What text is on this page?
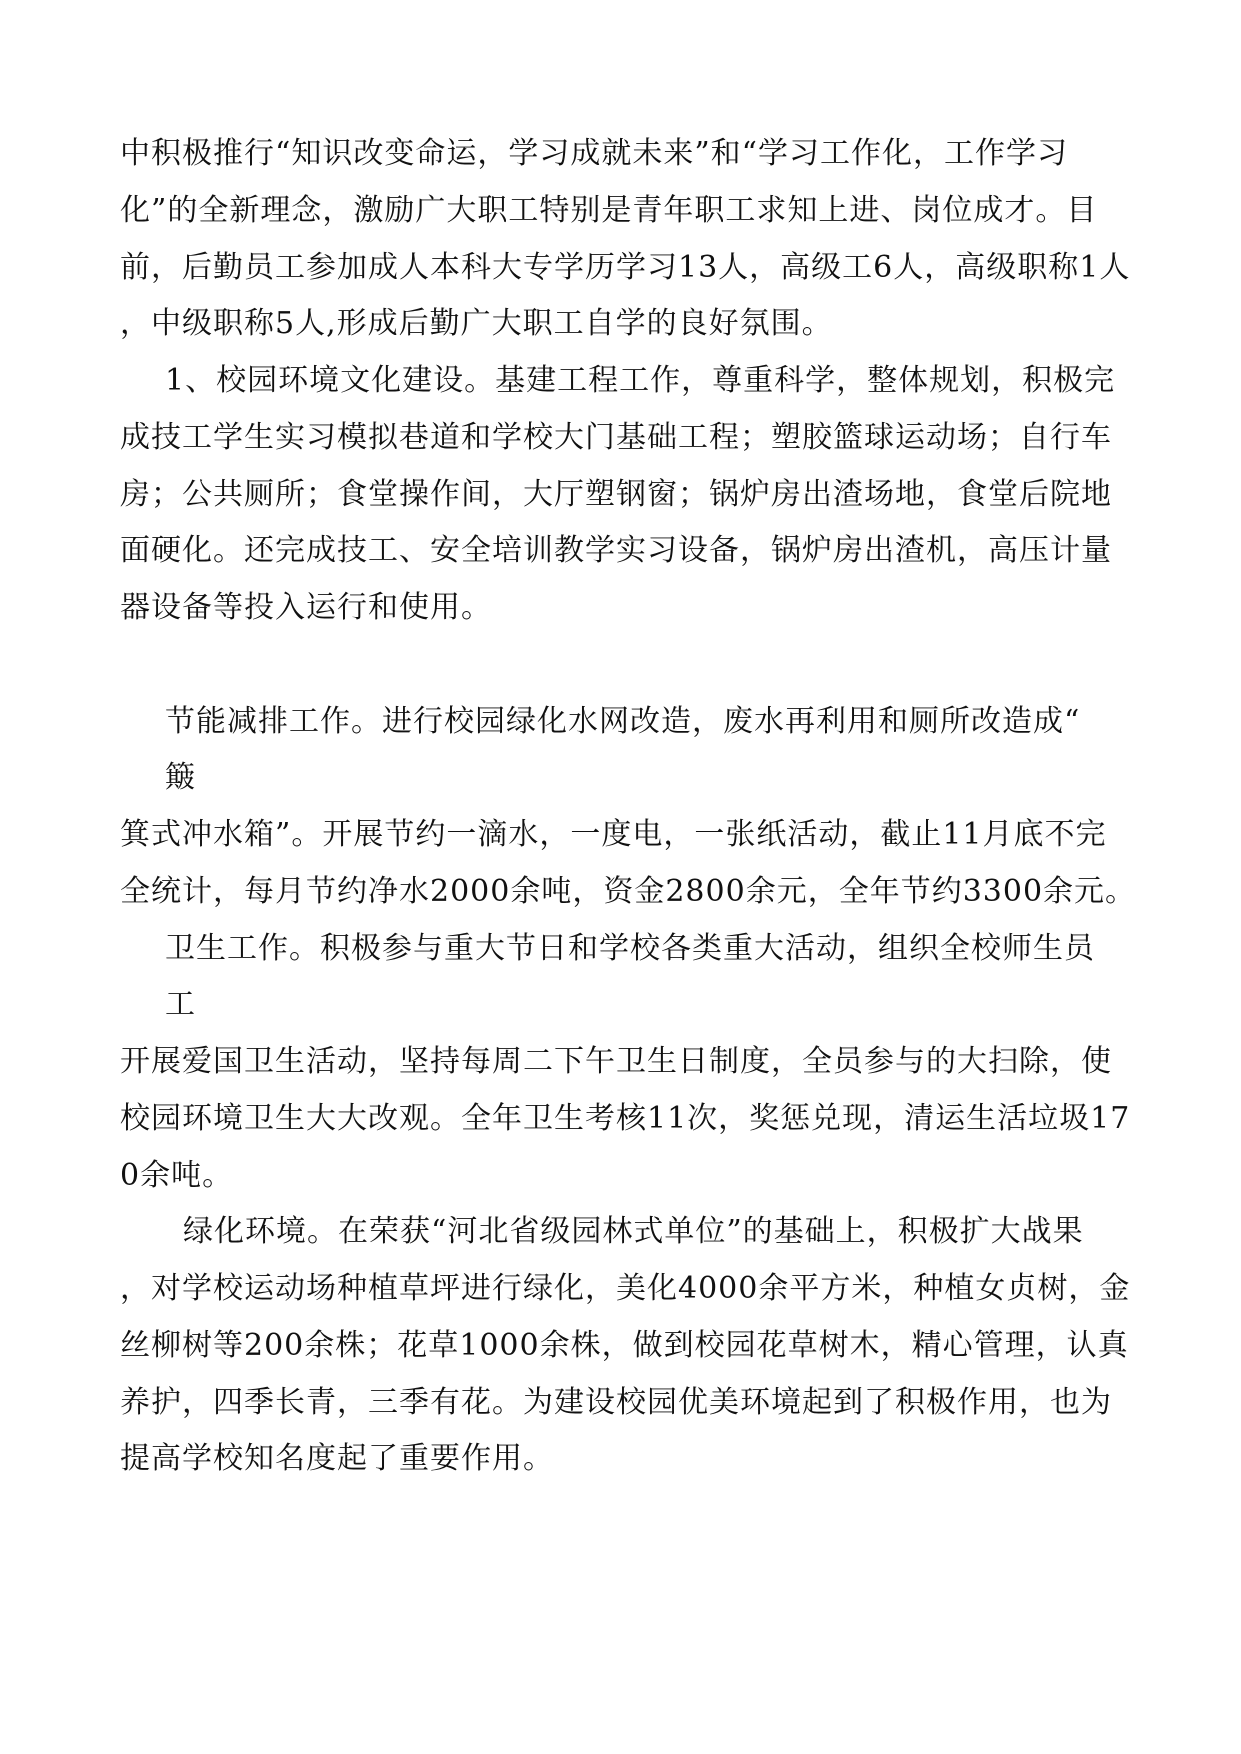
中积极推行“知识改变命运，学习成就未来”和“学习工作化，工作学习
化”的全新理念，激励广大职工特别是青年职工求知上进、岗位成才。目
前，后勤员工参加成人本科大专学历学习13人，高级工6人，高级职称1人
，中级职称5人,形成后勤广大职工自学的良好氛围。
1、校园环境文化建设。基建工程工作，尊重科学，整体规划，积极完
成技工学生实习模拟巷道和学校大门基础工程；塑胶篮球运动场；自行车
房；公共厕所；食堂操作间，大厅塑钢窗；锅炉房出渣场地，食堂后院地
面硬化。还完成技工、安全培训教学实习设备，锅炉房出渣机，高压计量
器设备等投入运行和使用。
节能减排工作。进行校园绿化水网改造，废水再利用和厕所改造成“
簸
箕式冲水箱”。开展节约一滴水，一度电，一张纸活动，截止11月底不完
全统计，每月节约净水2000余吨，资金2800余元，全年节约3300余元。
卫生工作。积极参与重大节日和学校各类重大活动，组织全校师生员
工
开展爱国卫生活动，坚持每周二下午卫生日制度，全员参与的大扫除，使
校园环境卫生大大改观。全年卫生考核11次，奖惩兑现，清运生活垃圾17
0余吨。
绿化环境。在荣获“河北省级园林式单位”的基础上，积极扩大战果
，对学校运动场种植草坪进行绿化，美化4000余平方米，种植女贞树，金
丝柳树等200余株；花草1000余株，做到校园花草树木，精心管理，认真
养护，四季长青，三季有花。为建设校园优美环境起到了积极作用，也为
提高学校知名度起了重要作用。
